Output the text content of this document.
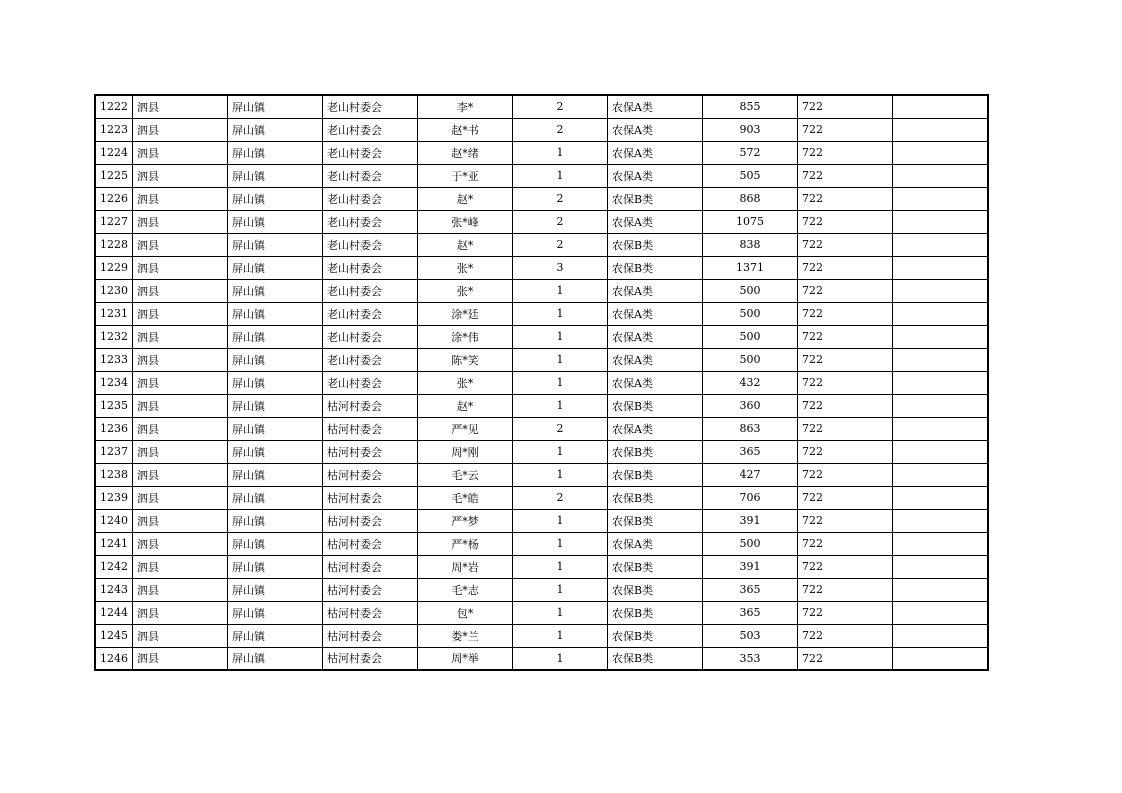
1222	泗县	屏山镇	老山村委会	李*	2	农保A类	855	722	
1223	泗县	屏山镇	老山村委会	赵*书	2	农保A类	903	722	
1224	泗县	屏山镇	老山村委会	赵*绪	1	农保A类	572	722	
1225	泗县	屏山镇	老山村委会	于*亚	1	农保A类	505	722	
1226	泗县	屏山镇	老山村委会	赵*	2	农保B类	868	722	
1227	泗县	屏山镇	老山村委会	张*峰	2	农保A类	1075	722	
1228	泗县	屏山镇	老山村委会	赵*	2	农保B类	838	722	
1229	泗县	屏山镇	老山村委会	张*	3	农保B类	1371	722	
1230	泗县	屏山镇	老山村委会	张*	1	农保A类	500	722	
1231	泗县	屏山镇	老山村委会	涂*廷	1	农保A类	500	722	
1232	泗县	屏山镇	老山村委会	涂*伟	1	农保A类	500	722	
1233	泗县	屏山镇	老山村委会	陈*笑	1	农保A类	500	722	
1234	泗县	屏山镇	老山村委会	张*	1	农保A类	432	722	
1235	泗县	屏山镇	枯河村委会	赵*	1	农保B类	360	722	
1236	泗县	屏山镇	枯河村委会	严*见	2	农保A类	863	722	
1237	泗县	屏山镇	枯河村委会	周*刚	1	农保B类	365	722	
1238	泗县	屏山镇	枯河村委会	毛*云	1	农保B类	427	722	
1239	泗县	屏山镇	枯河村委会	毛*皓	2	农保B类	706	722	
1240	泗县	屏山镇	枯河村委会	严*梦	1	农保B类	391	722	
1241	泗县	屏山镇	枯河村委会	严*杨	1	农保A类	500	722	
1242	泗县	屏山镇	枯河村委会	周*岩	1	农保B类	391	722	
1243	泗县	屏山镇	枯河村委会	毛*志	1	农保B类	365	722	
1244	泗县	屏山镇	枯河村委会	包*	1	农保B类	365	722	
1245	泗县	屏山镇	枯河村委会	娄*兰	1	农保B类	503	722	
1246	泗县	屏山镇	枯河村委会	周*举	1	农保B类	353	722	
